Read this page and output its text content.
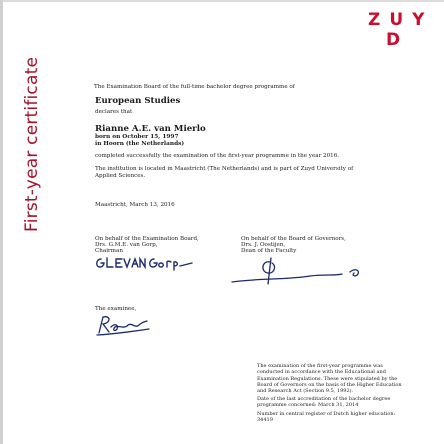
ZUY
D
First-year certificate	The Examination Board of the full-time bachelor degree programme of
European Studies
declares that
Rianne A.E. van Mierlo
born on October 15, 1997
in Hoorn (the Netherlands)
completed successfully the examination of the first-year programme in the year 2016.
The institution is located in Maastricht (The Netherlands) and is part of Zuyd University of
Applied Sciences.
Maastricht, March 13, 2016
On behalf of the Examination Board,
Drs. G.M.E. van Gorp,
Chairman
On behalf of the Board of Governors,
Drs. J. Oostijen,
Dean of the Faculty
The examinee,
The examination of the first-year programme was
conducted in accordance with the Educational and
Examination Regulations. These were stipulated by the
Board of Governors on the basis of the Higher Education
and Research Act (Section 9.5, 1992).
Date of the last accreditation of the bachelor degree
programme concerned: March 31, 2014
Number in central register of Dutch higher education:
34419
